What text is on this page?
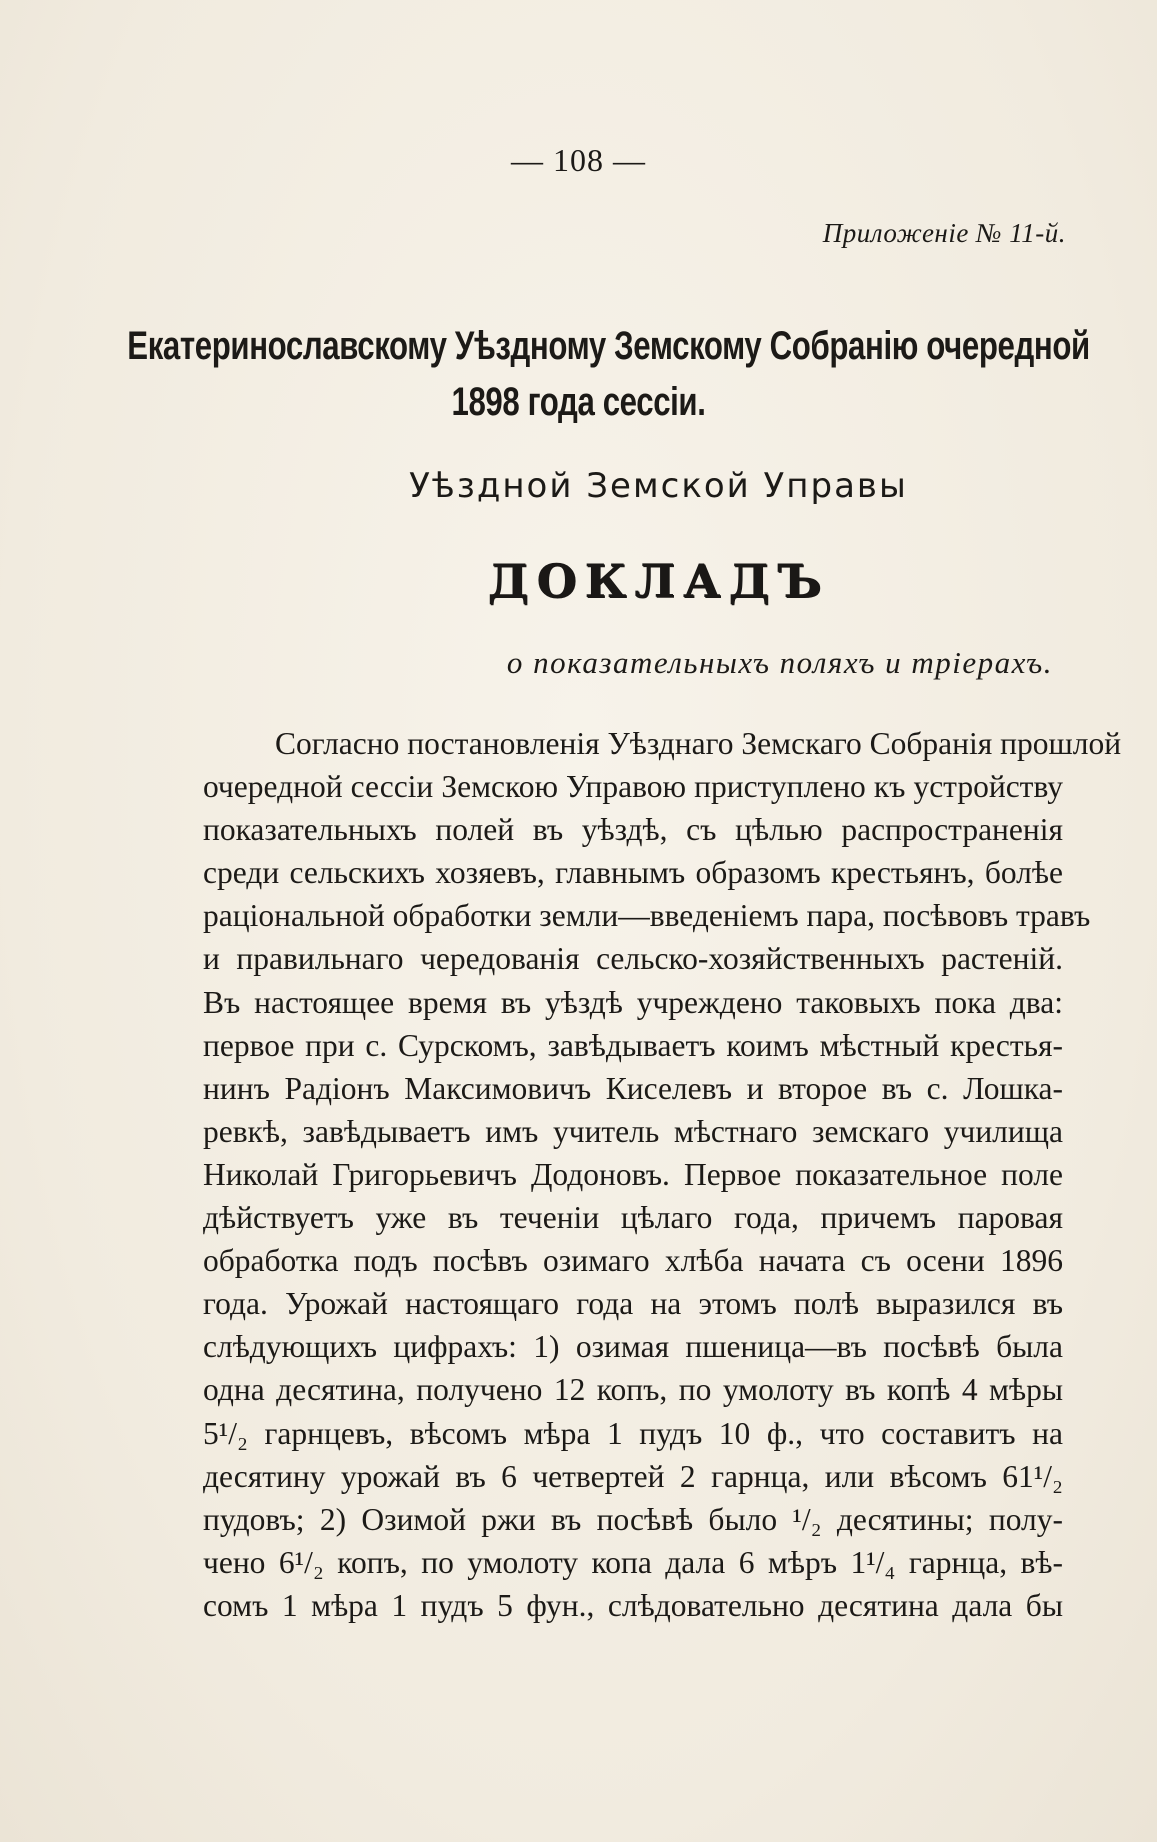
— 108 —
Приложеніе № 11-й.
Екатеринославскому Уѣздному Земскому Собранію очередной
1898 года сессіи.
Уѣздной Земской Управы
ДОКЛАДЪ
о показательныхъ поляхъ и тріерахъ.
Согласно постановленія Уѣзднаго Земскаго Собранія прошлой
очередной сессіи Земскою Управою приступлено къ устройству
показательныхъ полей въ уѣздѣ, съ цѣлью распространенія
среди сельскихъ хозяевъ, главнымъ образомъ крестьянъ, болѣе
раціональной обработки земли—введеніемъ пара, посѣвовъ травъ
и правильнаго чередованія сельско-хозяйственныхъ растеній.
Въ настоящее время въ уѣздѣ учреждено таковыхъ пока два:
первое при с. Сурскомъ, завѣдываетъ коимъ мѣстный крестья-
нинъ Радіонъ Максимовичъ Киселевъ и второе въ с. Лошка-
ревкѣ, завѣдываетъ имъ учитель мѣстнаго земскаго училища
Николай Григорьевичъ Додоновъ. Первое показательное поле
дѣйствуетъ уже въ теченіи цѣлаго года, причемъ паровая
обработка подъ посѣвъ озимаго хлѣба начата съ осени 1896
года. Урожай настоящаго года на этомъ полѣ выразился въ
слѣдующихъ цифрахъ: 1) озимая пшеница—въ посѣвѣ была
одна десятина, получено 12 копъ, по умолоту въ копѣ 4 мѣры
5¹/₂ гарнцевъ, вѣсомъ мѣра 1 пудъ 10 ф., что составитъ на
десятину урожай въ 6 четвертей 2 гарнца, или вѣсомъ 61¹/₂
пудовъ; 2) Озимой ржи въ посѣвѣ было ¹/₂ десятины; полу-
чено 6¹/₂ копъ, по умолоту копа дала 6 мѣръ 1¹/₄ гарнца, вѣ-
сомъ 1 мѣра 1 пудъ 5 фун., слѣдовательно десятина дала бы
